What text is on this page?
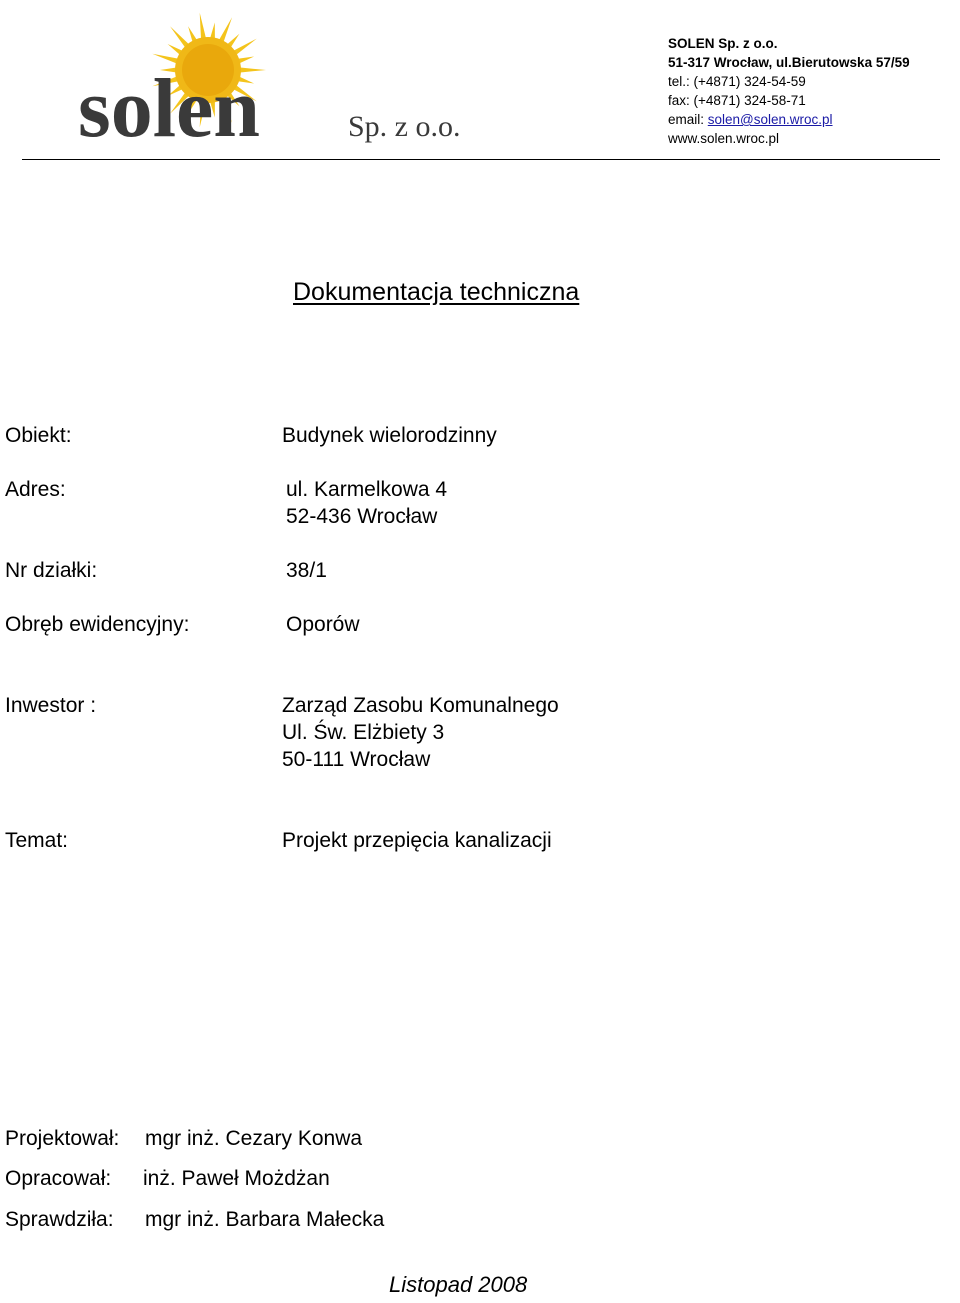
solen	Sp. z o.o.
SOLEN Sp. z o.o.
51-317 Wrocław, ul.Bierutowska 57/59
tel.: (+4871) 324-54-59
fax: (+4871) 324-58-71
email: solen@solen.wroc.pl
www.solen.wroc.pl
Dokumentacja techniczna
Obiekt:	Budynek wielorodzinny
Adres:	ul. Karmelkowa 4
52-436 Wrocław
Nr działki:	38/1
Obręb ewidencyjny:	Oporów
Inwestor :	Zarząd Zasobu Komunalnego
Ul. Św. Elżbiety 3
50-111 Wrocław
Temat:	Projekt przepięcia kanalizacji
Projektował: mgr inż. Cezary Konwa
Opracował: inż. Paweł Możdżan
Sprawdziła: mgr inż. Barbara Małecka
Listopad 2008
